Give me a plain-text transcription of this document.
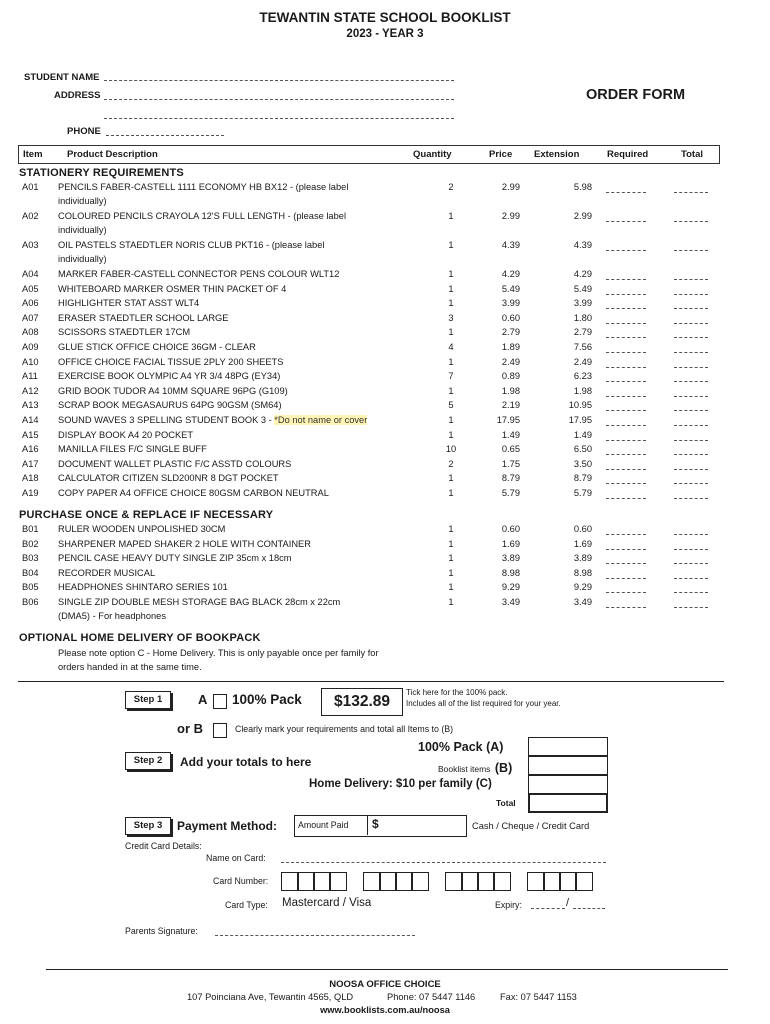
TEWANTIN STATE SCHOOL BOOKLIST
2023 - YEAR 3
ORDER FORM
STUDENT NAME
ADDRESS
PHONE
Item	Product Description	Quantity	Price Extension	Required	Total
STATIONERY REQUIREMENTS
A01 PENCILS FABER-CASTELL 1111 ECONOMY HB BX12 - (please label	2	2.99	5.98
individually)
A02 COLOURED PENCILS CRAYOLA 12'S FULL LENGTH - (please label	1	2.99	2.99
individually)
A03 OIL PASTELS STAEDTLER NORIS CLUB PKT16 - (please label	1	4.39	4.39
individually)
A04 MARKER FABER-CASTELL CONNECTOR PENS COLOUR WLT12	1	4.29	4.29
A05 WHITEBOARD MARKER OSMER THIN PACKET OF 4	1	5.49	5.49
A06 HIGHLIGHTER STAT ASST WLT4	1	3.99	3.99
A07 ERASER STAEDTLER SCHOOL LARGE	3	0.60	1.80
A08 SCISSORS STAEDTLER 17CM	1	2.79	2.79
A09 GLUE STICK OFFICE CHOICE 36GM - CLEAR	4	1.89	7.56
A10 OFFICE CHOICE FACIAL TISSUE 2PLY 200 SHEETS	1	2.49	2.49
A11 EXERCISE BOOK OLYMPIC A4 YR 3/4 48PG (EY34)	7	0.89	6.23
A12 GRID BOOK TUDOR A4 10MM SQUARE 96PG (G109)	1	1.98	1.98
A13 SCRAP BOOK MEGASAURUS 64PG 90GSM (SM64)	5	2.19	10.95
A14 SOUND WAVES 3 SPELLING STUDENT BOOK 3 - *Do not name or cover	1	17.95	17.95
A15 DISPLAY BOOK A4 20 POCKET	1	1.49	1.49
A16 MANILLA FILES F/C SINGLE BUFF	10	0.65	6.50
A17 DOCUMENT WALLET PLASTIC F/C ASSTD COLOURS	2	1.75	3.50
A18 CALCULATOR CITIZEN SLD200NR 8 DGT POCKET	1	8.79	8.79
A19 COPY PAPER A4 OFFICE CHOICE 80GSM CARBON NEUTRAL	1	5.79	5.79
PURCHASE ONCE & REPLACE IF NECESSARY
B01 RULER WOODEN UNPOLISHED 30CM	1	0.60	0.60
B02 SHARPENER MAPED SHAKER 2 HOLE WITH CONTAINER	1	1.69	1.69
B03 PENCIL CASE HEAVY DUTY SINGLE ZIP 35cm x 18cm	1	3.89	3.89
B04 RECORDER MUSICAL	1	8.98	8.98
B05 HEADPHONES SHINTARO SERIES 101	1	9.29	9.29
B06 SINGLE ZIP DOUBLE MESH STORAGE BAG BLACK 28cm x 22cm	1	3.49	3.49
(DMA5) - For headphones
OPTIONAL HOME DELIVERY OF BOOKPACK
Please note option C - Home Delivery. This is only payable once per family for
orders handed in at the same time.
Step 1	A 100% Pack	$132.89
Tick here for the 100% pack.
Includes all of the list required for your year.
or B	Clearly mark your requirements and total all Items to (B)
Step 2	Add your totals to here
100% Pack (A)
Booklist items (B)
Home Delivery: $10 per family (C)
Total
Step 3	Payment Method: Amount Paid $	Cash / Cheque / Credit Card
Credit Card Details:
Name on Card:
Card Number:
Card Type: Mastercard / Visa	Expiry:	/
Parents Signature:
NOOSA OFFICE CHOICE
107 Poinciana Ave, Tewantin 4565, QLD	Phone: 07 5447 1146	Fax: 07 5447 1153
www.booklists.com.au/noosa
